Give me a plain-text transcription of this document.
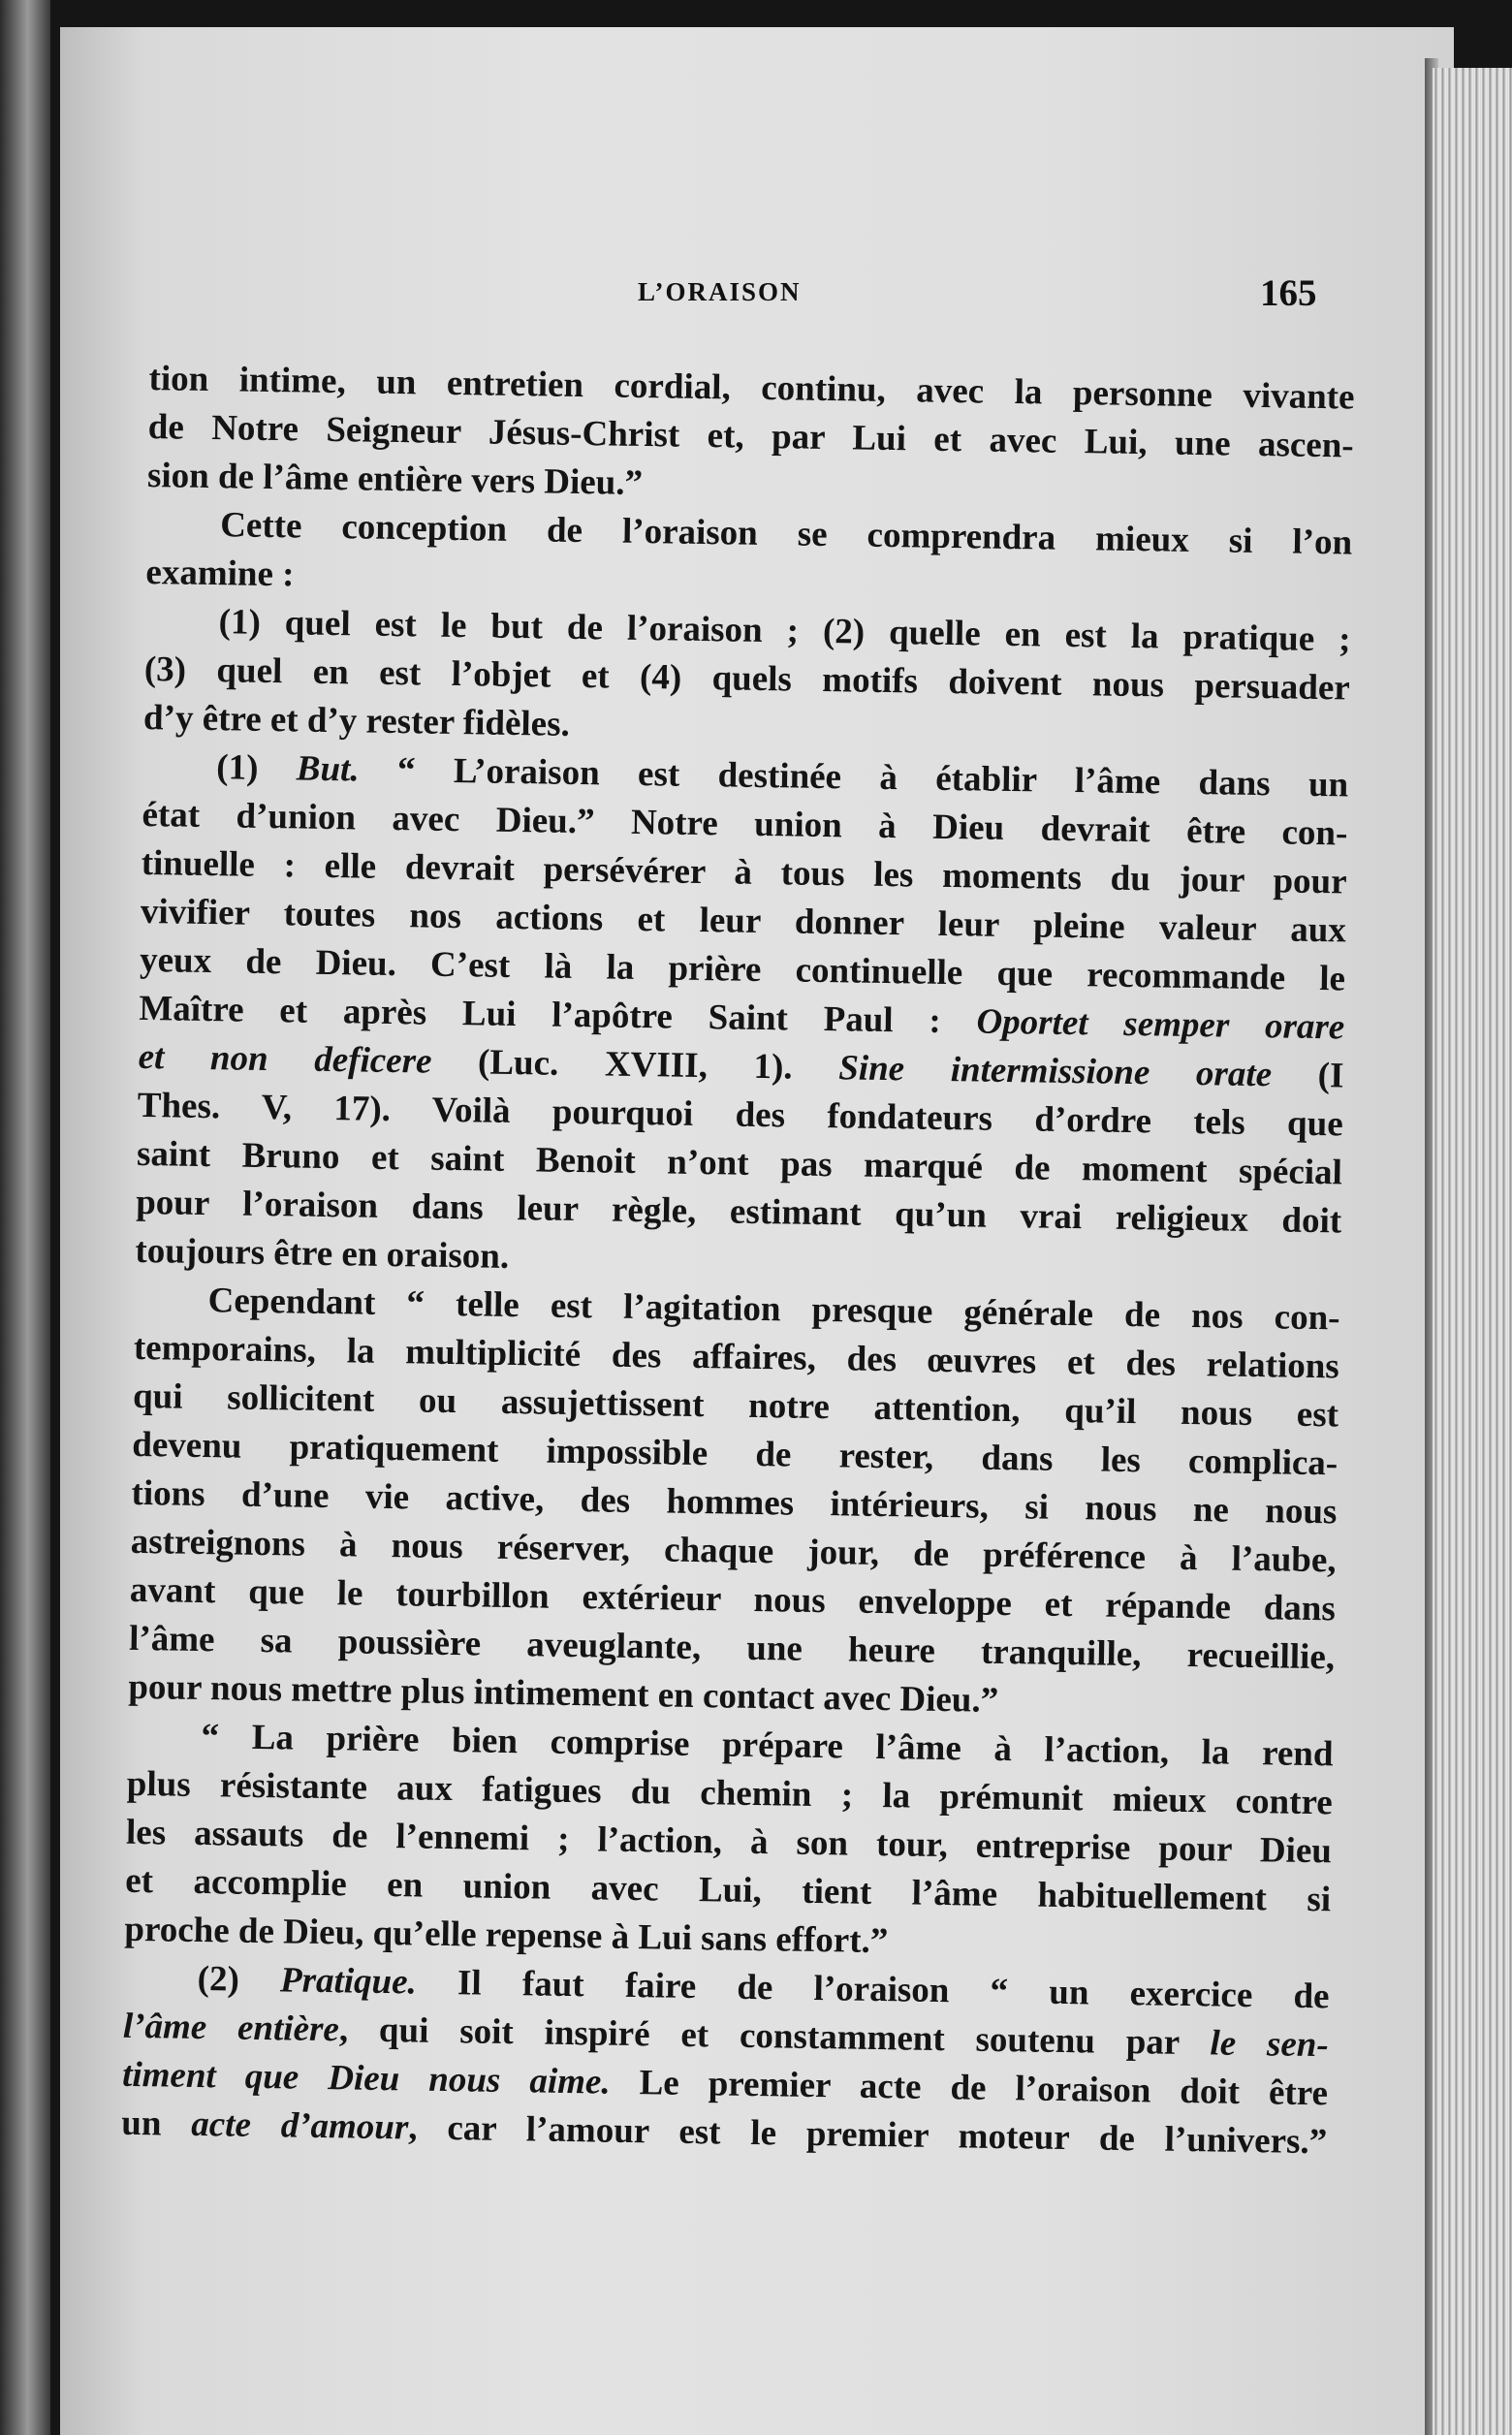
L’ORAISON	165
tion intime, un entretien cordial, continu, avec la personne vivante
de Notre Seigneur Jésus-Christ et, par Lui et avec Lui, une ascen-
sion de l’âme entière vers Dieu.”
Cette conception de l’oraison se comprendra mieux si l’on
examine :
(1) quel est le but de l’oraison ; (2) quelle en est la pratique ;
(3) quel en est l’objet et (4) quels motifs doivent nous persuader
d’y être et d’y rester fidèles.
(1) But. “ L’oraison est destinée à établir l’âme dans un
état d’union avec Dieu.” Notre union à Dieu devrait être con-
tinuelle : elle devrait persévérer à tous les moments du jour pour
vivifier toutes nos actions et leur donner leur pleine valeur aux
yeux de Dieu. C’est là la prière continuelle que recommande le
Maître et après Lui l’apôtre Saint Paul : Oportet semper orare
et non deficere (Luc. XVIII, 1). Sine intermissione orate (I
Thes. V, 17). Voilà pourquoi des fondateurs d’ordre tels que
saint Bruno et saint Benoit n’ont pas marqué de moment spécial
pour l’oraison dans leur règle, estimant qu’un vrai religieux doit
toujours être en oraison.
Cependant “ telle est l’agitation presque générale de nos con-
temporains, la multiplicité des affaires, des œuvres et des relations
qui sollicitent ou assujettissent notre attention, qu’il nous est
devenu pratiquement impossible de rester, dans les complica-
tions d’une vie active, des hommes intérieurs, si nous ne nous
astreignons à nous réserver, chaque jour, de préférence à l’aube,
avant que le tourbillon extérieur nous enveloppe et répande dans
l’âme sa poussière aveuglante, une heure tranquille, recueillie,
pour nous mettre plus intimement en contact avec Dieu.”
“ La prière bien comprise prépare l’âme à l’action, la rend
plus résistante aux fatigues du chemin ; la prémunit mieux contre
les assauts de l’ennemi ; l’action, à son tour, entreprise pour Dieu
et accomplie en union avec Lui, tient l’âme habituellement si
proche de Dieu, qu’elle repense à Lui sans effort.”
(2) Pratique. Il faut faire de l’oraison “ un exercice de
l’âme entière, qui soit inspiré et constamment soutenu par le sen-
timent que Dieu nous aime. Le premier acte de l’oraison doit être
un acte d’amour, car l’amour est le premier moteur de l’univers.”
